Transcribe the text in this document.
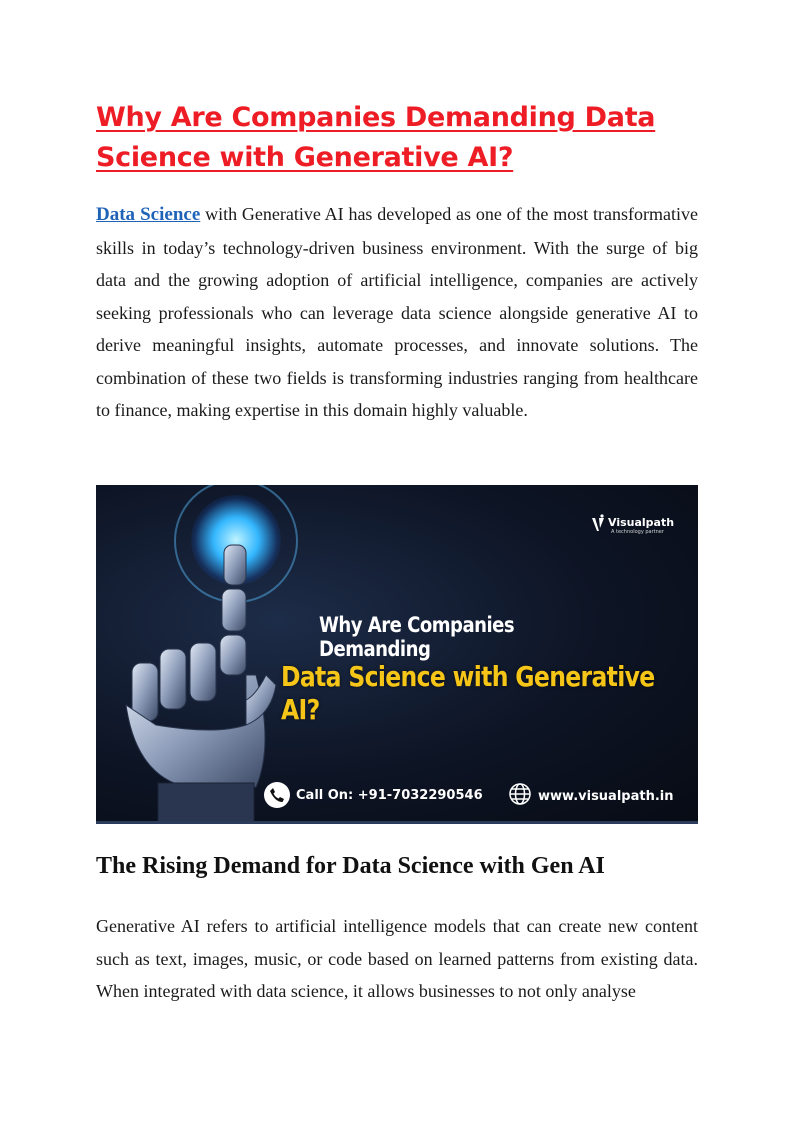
Why Are Companies Demanding Data Science with Generative AI?

Data Science with Generative AI has developed as one of the most transformative skills in today’s technology-driven business environment. With the surge of big data and the growing adoption of artificial intelligence, companies are actively seeking professionals who can leverage data science alongside generative AI to derive meaningful insights, automate processes, and innovate solutions. The combination of these two fields is transforming industries ranging from healthcare to finance, making expertise in this domain highly valuable.

Visualpath
A technology partner
Why Are Companies Demanding
Data Science with Generative AI?
Call On: +91-7032290546	www.visualpath.in
The Rising Demand for Data Science with Gen AI

Generative AI refers to artificial intelligence models that can create new content such as text, images, music, or code based on learned patterns from existing data. When integrated with data science, it allows businesses to not only analyse
